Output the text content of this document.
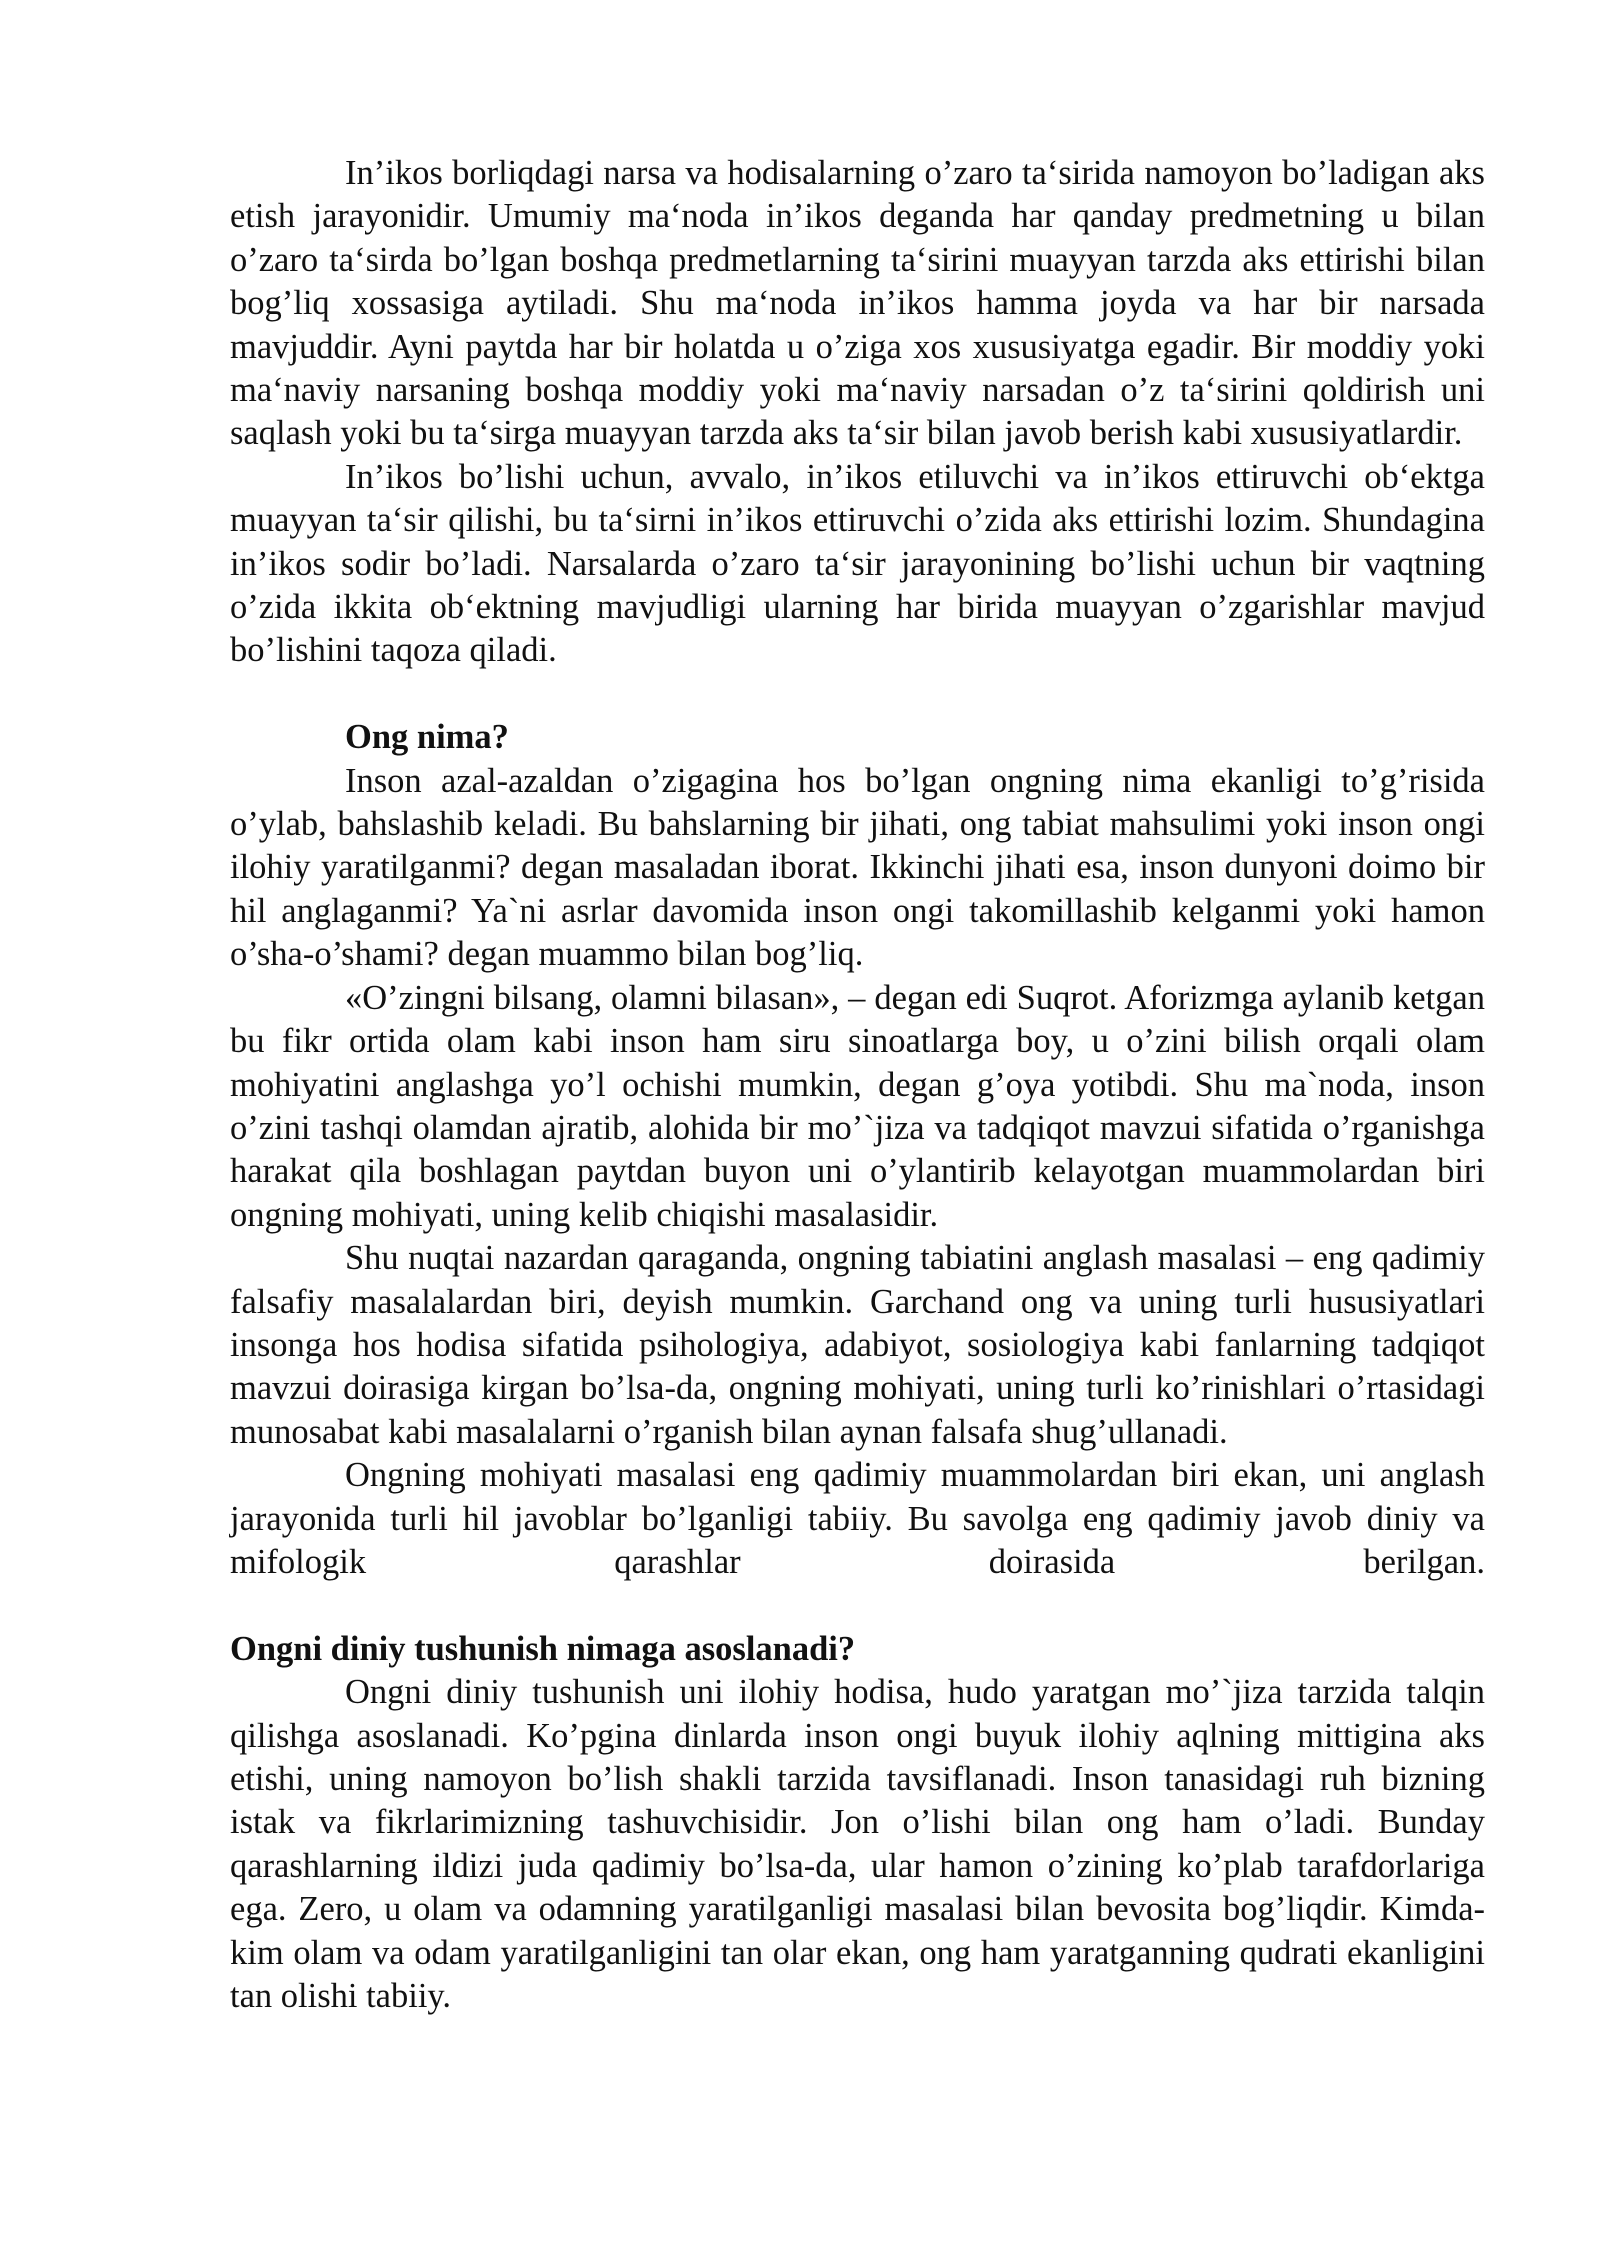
In’ikos borliqdagi narsa va hodisalarning o’zaro ta‘sirida namoyon bo’ladigan aks etish jarayonidir. Umumiy ma‘noda in’ikos deganda har qanday predmetning u bilan o’zaro ta‘sirda bo’lgan boshqa predmetlarning ta‘sirini muayyan tarzda aks ettirishi bilan bog’liq xossasiga aytiladi. Shu ma‘noda in’ikos hamma joyda va har bir narsada mavjuddir. Ayni paytda har bir holatda u o’ziga xos xususiyatga egadir. Bir moddiy yoki ma‘naviy narsaning boshqa moddiy yoki ma‘naviy narsadan o’z ta‘sirini qoldirish uni saqlash yoki bu ta‘sirga muayyan tarzda aks ta‘sir bilan javob berish kabi xususiyatlardir.

In’ikos bo’lishi uchun, avvalo, in’ikos etiluvchi va in’ikos ettiruvchi ob‘ektga muayyan ta‘sir qilishi, bu ta‘sirni in’ikos ettiruvchi o’zida aks ettirishi lozim. Shundagina in’ikos sodir bo’ladi. Narsalarda o’zaro ta‘sir jarayonining bo’lishi uchun bir vaqtning o’zida ikkita ob‘ektning mavjudligi ularning har birida muayyan o’zgarishlar mavjud bo’lishini taqoza qiladi.

Ong nima?

Inson azal-azaldan o’zigagina hos bo’lgan ongning nima ekanligi to’g’risida o’ylab, bahslashib keladi. Bu bahslarning bir jihati, ong tabiat mahsulimi yoki inson ongi ilohiy yaratilganmi? degan masaladan iborat. Ikkinchi jihati esa, inson dunyoni doimo bir hil anglaganmi? Ya`ni asrlar davomida inson ongi takomillashib kelganmi yoki hamon o’sha-o’shami? degan muammo bilan bog’liq.

«O’zingni bilsang, olamni bilasan», – degan edi Suqrot. Aforizmga aylanib ketgan bu fikr ortida olam kabi inson ham siru sinoatlarga boy, u o’zini bilish orqali olam mohiyatini anglashga yo’l ochishi mumkin, degan g’oya yotibdi. Shu ma`noda, inson o’zini tashqi olamdan ajratib, alohida bir mo’`jiza va tadqiqot mavzui sifatida o’rganishga harakat qila boshlagan paytdan buyon uni o’ylantirib kelayotgan muammolardan biri ongning mohiyati, uning kelib chiqishi masalasidir.

Shu nuqtai nazardan qaraganda, ongning tabiatini anglash masalasi – eng qadimiy falsafiy masalalardan biri, deyish mumkin. Garchand ong va uning turli hususiyatlari insonga hos hodisa sifatida psihologiya, adabiyot, sosiologiya kabi fanlarning tadqiqot mavzui doirasiga kirgan bo’lsa-da, ongning mohiyati, uning turli ko’rinishlari o’rtasidagi munosabat kabi masalalarni o’rganish bilan aynan falsafa shug’ullanadi.

Ongning mohiyati masalasi eng qadimiy muammolardan biri ekan, uni anglash jarayonida turli hil javoblar bo’lganligi tabiiy. Bu savolga eng qadimiy javob diniy va mifologik qarashlar doirasida berilgan.

Ongni diniy tushunish nimaga asoslanadi?

Ongni diniy tushunish uni ilohiy hodisa, hudo yaratgan mo’`jiza tarzida talqin qilishga asoslanadi. Ko’pgina dinlarda inson ongi buyuk ilohiy aqlning mittigina aks etishi, uning namoyon bo’lish shakli tarzida tavsiflanadi. Inson tanasidagi ruh bizning istak va fikrlarimizning tashuvchisidir. Jon o’lishi bilan ong ham o’ladi. Bunday qarashlarning ildizi juda qadimiy bo’lsa-da, ular hamon o’zining ko’plab tarafdorlariga ega. Zero, u olam va odamning yaratilganligi masalasi bilan bevosita bog’liqdir. Kimda-kim olam va odam yaratilganligini tan olar ekan, ong ham yaratganning qudrati ekanligini tan olishi tabiiy.
